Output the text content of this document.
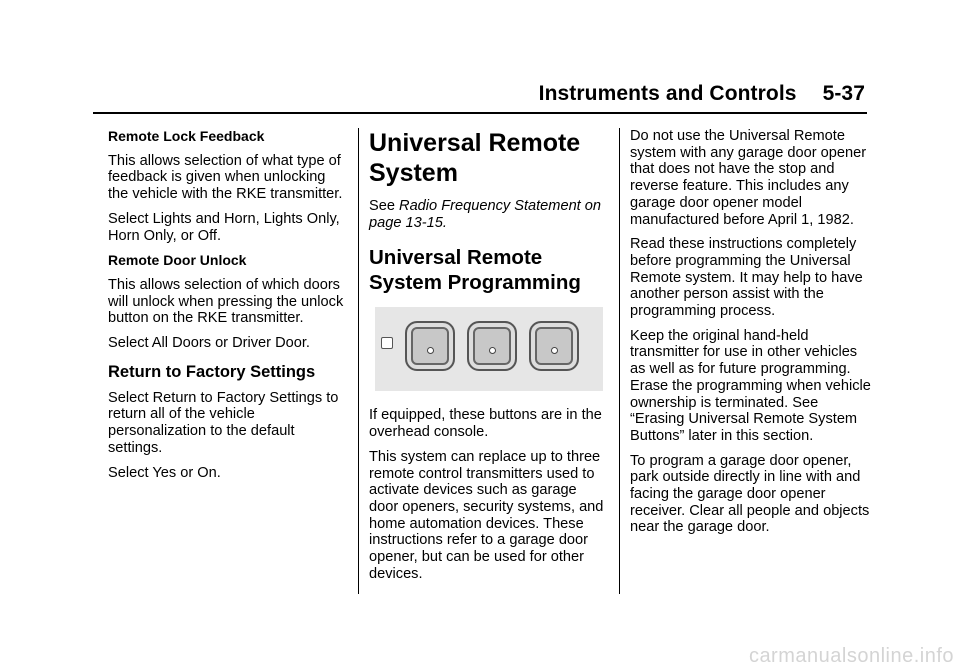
Instruments and Controls 5-37

Remote Lock Feedback

This allows selection of what type of feedback is given when unlocking the vehicle with the RKE transmitter.

Select Lights and Horn, Lights Only, Horn Only, or Off.

Remote Door Unlock

This allows selection of which doors will unlock when pressing the unlock button on the RKE transmitter.

Select All Doors or Driver Door.

Return to Factory Settings

Select Return to Factory Settings to return all of the vehicle personalization to the default settings.

Select Yes or On.

Universal Remote System

See Radio Frequency Statement on page 13-15.

Universal Remote System Programming

If equipped, these buttons are in the overhead console.

This system can replace up to three remote control transmitters used to activate devices such as garage door openers, security systems, and home automation devices. These instructions refer to a garage door opener, but can be used for other devices.

Do not use the Universal Remote system with any garage door opener that does not have the stop and reverse feature. This includes any garage door opener model manufactured before April 1, 1982.

Read these instructions completely before programming the Universal Remote system. It may help to have another person assist with the programming process.

Keep the original hand-held transmitter for use in other vehicles as well as for future programming. Erase the programming when vehicle ownership is terminated. See “Erasing Universal Remote System Buttons” later in this section.

To program a garage door opener, park outside directly in line with and facing the garage door opener receiver. Clear all people and objects near the garage door.

carmanualsonline.info
